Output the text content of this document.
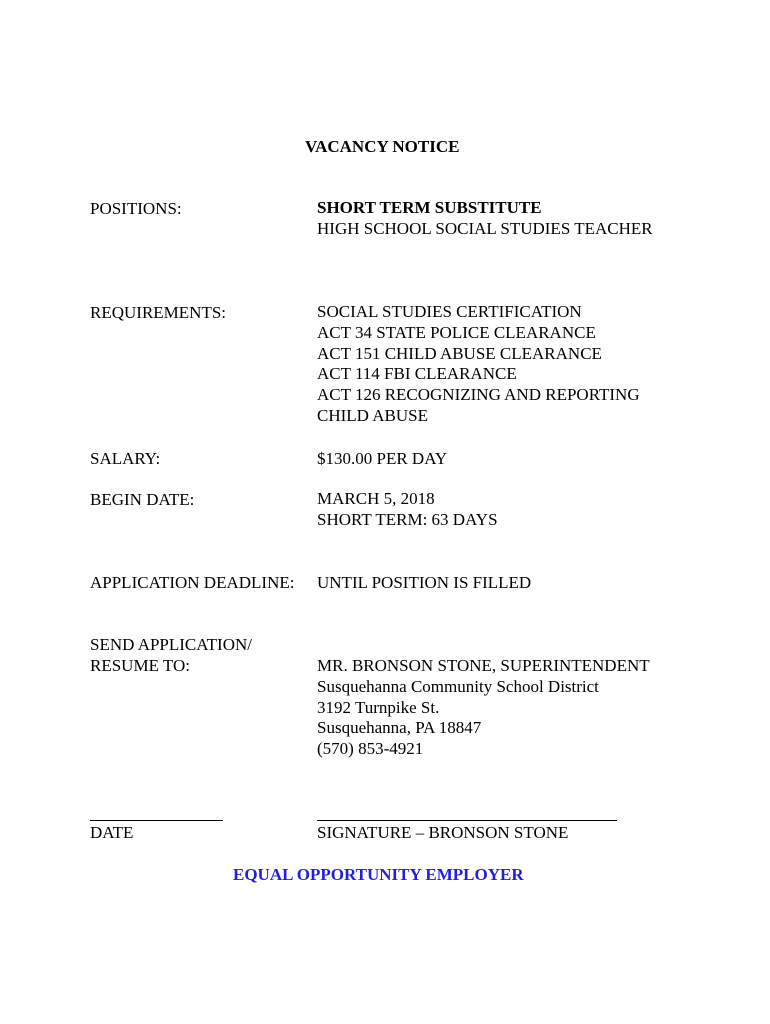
VACANCY NOTICE
POSITIONS:	SHORT TERM SUBSTITUTE
HIGH SCHOOL SOCIAL STUDIES TEACHER
REQUIREMENTS:	SOCIAL STUDIES CERTIFICATION
ACT 34 STATE POLICE CLEARANCE
ACT 151 CHILD ABUSE CLEARANCE
ACT 114 FBI CLEARANCE
ACT 126 RECOGNIZING AND REPORTING
CHILD ABUSE
SALARY:	$130.00 PER DAY
BEGIN DATE:	MARCH 5, 2018
SHORT TERM: 63 DAYS
APPLICATION DEADLINE: UNTIL POSITION IS FILLED
SEND APPLICATION/
RESUME TO:	MR. BRONSON STONE, SUPERINTENDENT
Susquehanna Community School District
3192 Turnpike St.
Susquehanna, PA 18847
(570) 853-4921
DATE	SIGNATURE – BRONSON STONE
EQUAL OPPORTUNITY EMPLOYER
